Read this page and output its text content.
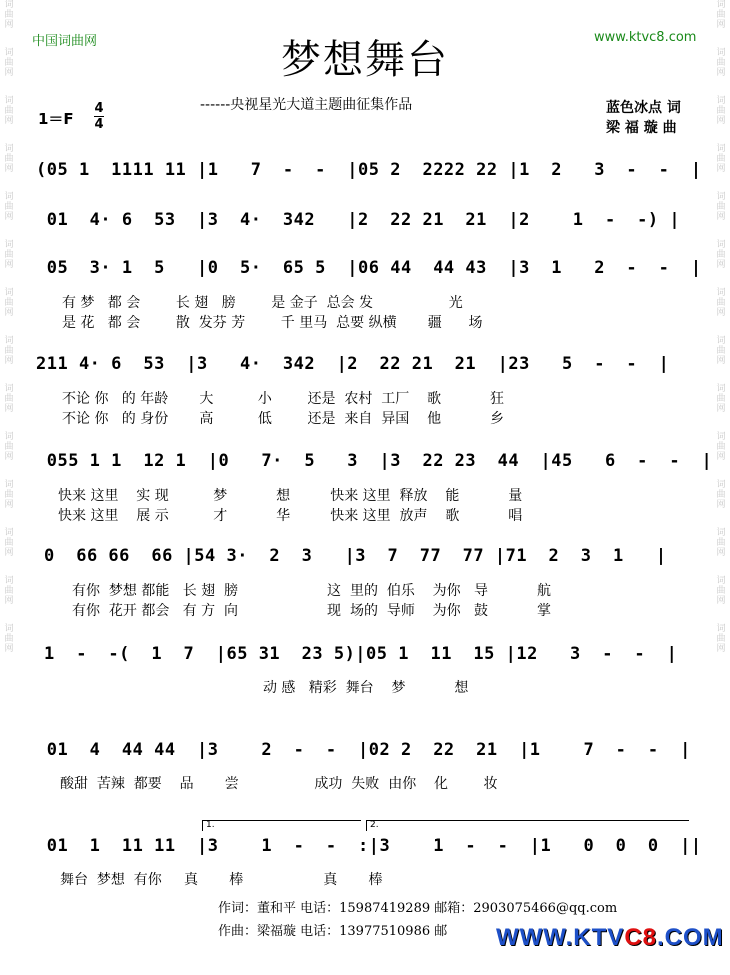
词
曲
网
词
曲
网
词
曲
网
词
曲
网
词
曲
网
词
曲
网
词
曲
网
词
曲
网
词
曲
网
词
曲
网
词
曲
网
词
曲
网
词
曲
网
词
曲
网
词
曲
网
词
曲
网
词
曲
网
词
曲
网
词
曲
网
词
曲
网
词
曲
网
词
曲
网
词
曲
网
词
曲
网
词
曲
网
词
曲
网
词
曲
网
词
曲
网
中国词曲网	www.ktvc8.com
梦想舞台
------央视星光大道主题曲征集作品	蓝色冰点 词
梁 福 璇 曲
1＝F
4
4
(05 1  1111 11 |1   7  -  -  |05 2  2222 22 |1  2   3  -  -  |
01  4· 6  53  |3  4·  342   |2  22 21  21  |2    1  -  -) |
05  3· 1  5   |0  5·  65 5  |06 44  44 43  |3  1   2  -  -  |
有 梦   都 会        长 翅   膀        是 金子  总会 发                 光
是 花   都 会        散  发芬 芳        千 里马  总要 纵横       疆      场
211 4· 6  53  |3   4·  342  |2  22 21  21  |23   5  -  -  |
不论 你   的 年龄       大          小        还是  农村  工厂    歌           狂
不论 你   的 身份       高          低        还是  来自  异国    他           乡
055 1 1  12 1  |0   7·  5   3  |3  22 23  44  |45   6  -  -  |
快来 这里    实 现          梦           想         快来 这里  释放    能           量
快来 这里    展 示          才           华         快来 这里  放声    歌           唱
0  66 66  66 |54 3·  2  3   |3  7  77  77 |71  2  3  1   |
有你  梦想 都能   长 翅  膀                    这  里的  伯乐    为你   导           航
有你  花开 都会   有 方  向                    现  场的  导师    为你   鼓           掌
1  -  -(  1  7  |65 31  23 5)|05 1  11  15 |12   3  -  -  |
动 感   精彩  舞台    梦           想
01  4  44 44  |3    2  -  -  |02 2  22  21  |1    7  -  -  |
酸甜  苦辣  都要    品       尝                 成功  失败  由你    化        妆
1.	2.
01  1  11 11  |3    1  -  -  :|3    1  -  -  |1   0  0  0  ||
舞台  梦想  有你     真       棒                  真       棒
作词：董和平 电话：15987419289 邮箱：2903075466@qq.com
作曲：梁福璇 电话：13977510986 邮 WWW.KTVC8.COM
